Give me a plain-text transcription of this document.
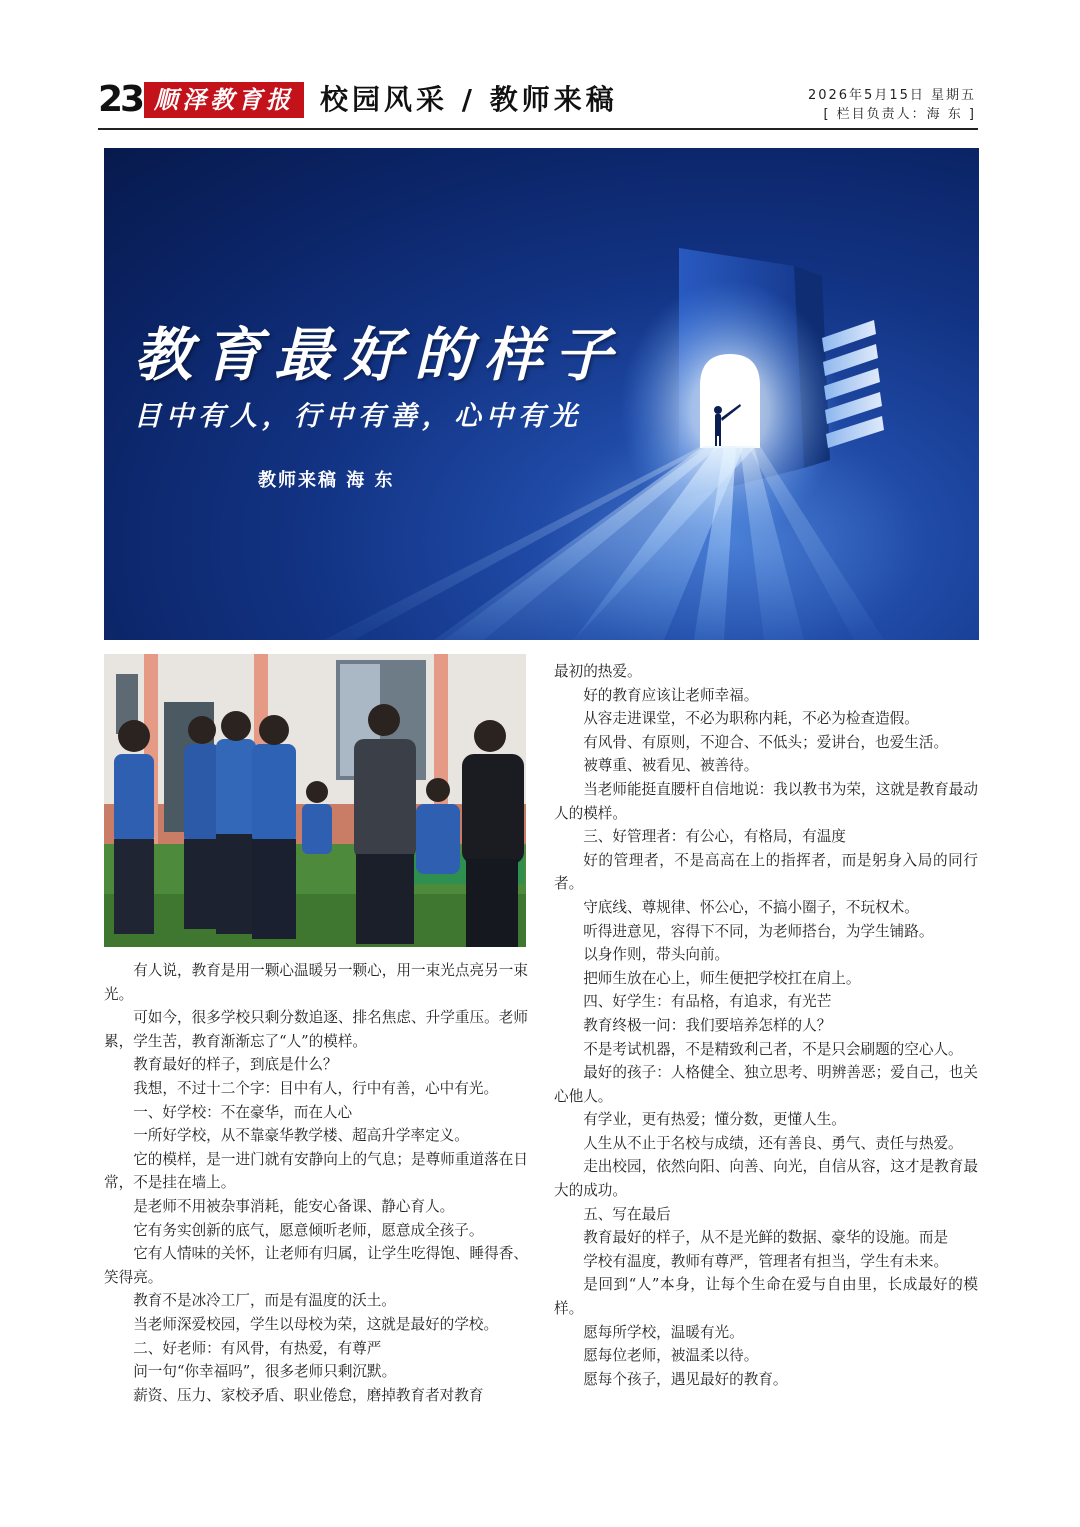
23 顺泽教育报 校园风采 / 教师来稿	2026年5月15日 星期五
[ 栏目负责人：海 东 ]
教育最好的样子
目中有人，行中有善，心中有光
教师来稿 海 东

有人说，教育是用一颗心温暖另一颗心，用一束光点亮另一束光。

可如今，很多学校只剩分数追逐、排名焦虑、升学重压。老师累，学生苦，教育渐渐忘了“人”的模样。

教育最好的样子，到底是什么？

我想，不过十二个字：目中有人，行中有善，心中有光。

一、好学校：不在豪华，而在人心

一所好学校，从不靠豪华教学楼、超高升学率定义。

它的模样，是一进门就有安静向上的气息；是尊师重道落在日常，不是挂在墙上。

是老师不用被杂事消耗，能安心备课、静心育人。

它有务实创新的底气，愿意倾听老师，愿意成全孩子。

它有人情味的关怀，让老师有归属，让学生吃得饱、睡得香、笑得亮。

教育不是冰冷工厂，而是有温度的沃土。

当老师深爱校园，学生以母校为荣，这就是最好的学校。

二、好老师：有风骨，有热爱，有尊严

问一句“你幸福吗”，很多老师只剩沉默。

薪资、压力、家校矛盾、职业倦怠，磨掉教育者对教育

最初的热爱。

好的教育应该让老师幸福。

从容走进课堂，不必为职称内耗，不必为检查造假。

有风骨、有原则，不迎合、不低头；爱讲台，也爱生活。

被尊重、被看见、被善待。

当老师能挺直腰杆自信地说：我以教书为荣，这就是教育最动人的模样。

三、好管理者：有公心，有格局，有温度

好的管理者，不是高高在上的指挥者，而是躬身入局的同行者。

守底线、尊规律、怀公心，不搞小圈子，不玩权术。

听得进意见，容得下不同，为老师搭台，为学生铺路。

以身作则，带头向前。

把师生放在心上，师生便把学校扛在肩上。

四、好学生：有品格，有追求，有光芒

教育终极一问：我们要培养怎样的人？

不是考试机器，不是精致利己者，不是只会刷题的空心人。

最好的孩子：人格健全、独立思考、明辨善恶；爱自己，也关心他人。

有学业，更有热爱；懂分数，更懂人生。

人生从不止于名校与成绩，还有善良、勇气、责任与热爱。

走出校园，依然向阳、向善、向光，自信从容，这才是教育最大的成功。

五、写在最后

教育最好的样子，从不是光鲜的数据、豪华的设施。而是

学校有温度，教师有尊严，管理者有担当，学生有未来。

是回到“人”本身，让每个生命在爱与自由里，长成最好的模样。

愿每所学校，温暖有光。

愿每位老师，被温柔以待。

愿每个孩子，遇见最好的教育。
